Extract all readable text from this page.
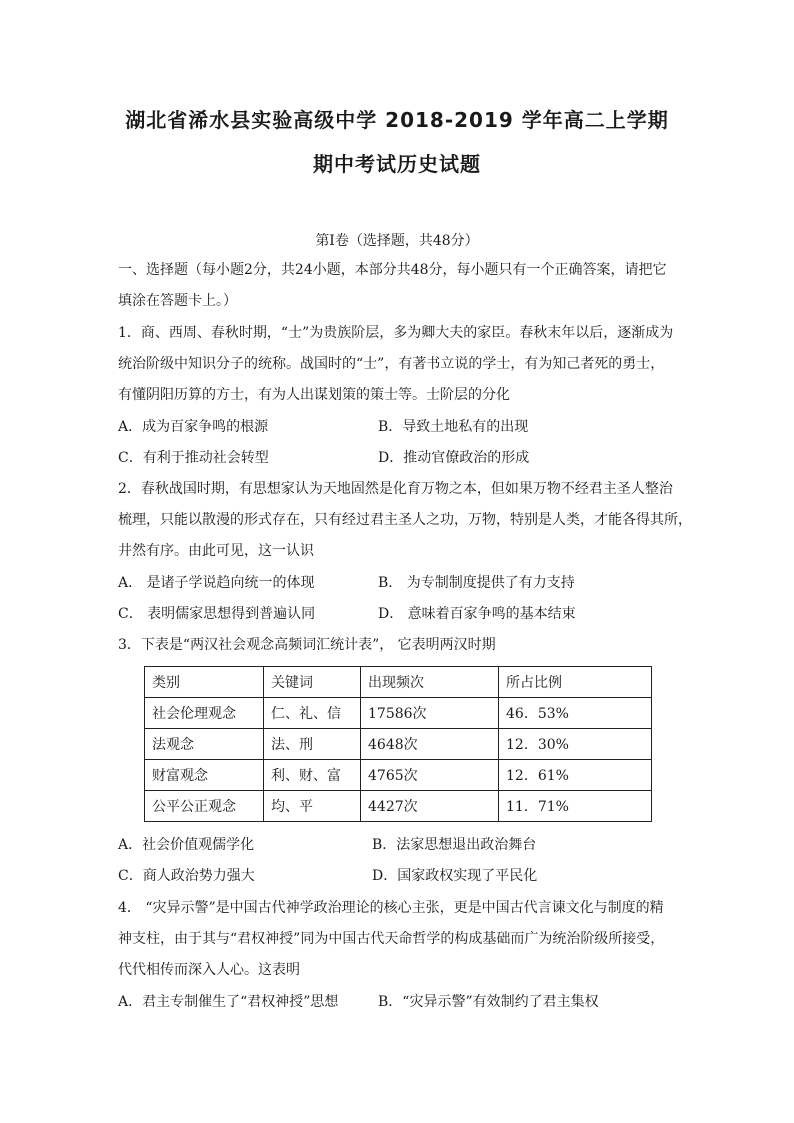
湖北省浠水县实验高级中学 2018-2019 学年高二上学期
期中考试历史试题
第Ⅰ卷（选择题，共48分）
一、选择题（每小题2分，共24小题，本部分共48分，每小题只有一个正确答案，请把它
填涂在答题卡上。）
1．商、西周、春秋时期，“士”为贵族阶层，多为卿大夫的家臣。春秋末年以后，逐渐成为
统治阶级中知识分子的统称。战国时的“士”，有著书立说的学士，有为知己者死的勇士，
有懂阴阳历算的方士，有为人出谋划策的策士等。士阶层的分化
A．成为百家争鸣的根源	B．导致土地私有的出现
C．有利于推动社会转型	D．推动官僚政治的形成
2．春秋战国时期，有思想家认为天地固然是化育万物之本，但如果万物不经君主圣人整治
梳理，只能以散漫的形式存在，只有经过君主圣人之功，万物，特别是人类，才能各得其所，
井然有序。由此可见，这一认识
A． 是诸子学说趋向统一的体现	B． 为专制制度提供了有力支持
C． 表明儒家思想得到普遍认同	D． 意味着百家争鸣的基本结束
3．下表是“两汉社会观念高频词汇统计表”， 它表明两汉时期
类别	关键词	出现频次	所占比例
社会伦理观念	仁、礼、信	17586次	46．53%
法观念	法、刑	4648次	12．30%
财富观念	利、财、富	4765次	12．61%
公平公正观念	均、平	4427次	11．71%
A．社会价值观儒学化	B．法家思想退出政治舞台
C．商人政治势力强大	D．国家政权实现了平民化
4． “灾异示警”是中国古代神学政治理论的核心主张，更是中国古代言谏文化与制度的精
神支柱，由于其与“君权神授”同为中国古代天命哲学的构成基础而广为统治阶级所接受，
代代相传而深入人心。这表明
A．君主专制催生了“君权神授”思想	B．“灾异示警”有效制约了君主集权
